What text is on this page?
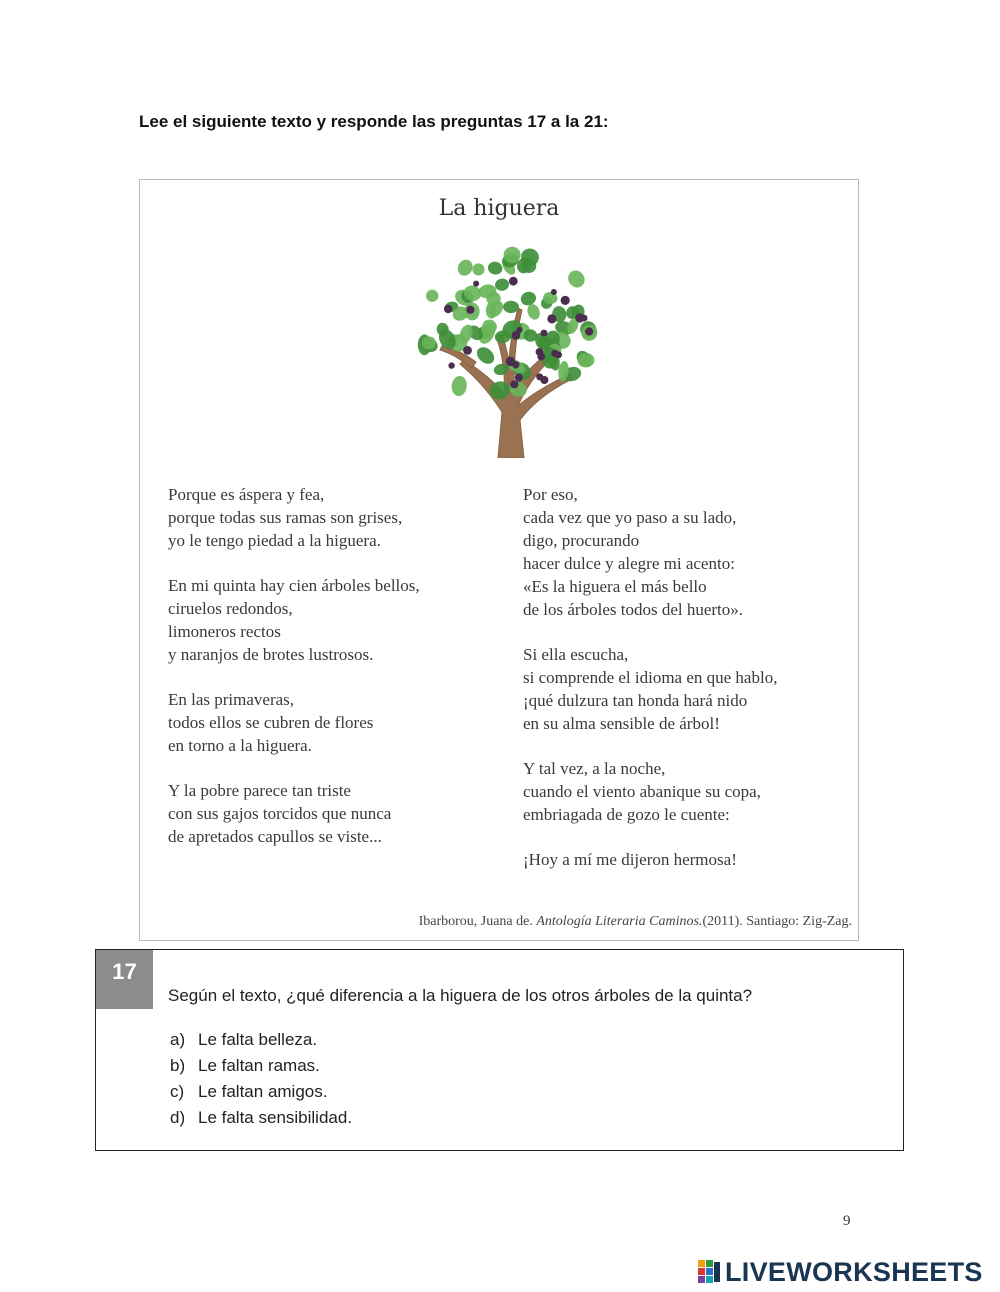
Lee el siguiente texto y responde las preguntas 17 a la 21:
La higuera
Porque es áspera y fea,
porque todas sus ramas son grises,
yo le tengo piedad a la higuera.
En mi quinta hay cien árboles bellos,
ciruelos redondos,
limoneros rectos
y naranjos de brotes lustrosos.
En las primaveras,
todos ellos se cubren de flores
en torno a la higuera.
Y la pobre parece tan triste
con sus gajos torcidos que nunca
de apretados capullos se viste...
Por eso,
cada vez que yo paso a su lado,
digo, procurando
hacer dulce y alegre mi acento:
«Es la higuera el más bello
de los árboles todos del huerto».
Si ella escucha,
si comprende el idioma en que hablo,
¡qué dulzura tan honda hará nido
en su alma sensible de árbol!
Y tal vez, a la noche,
cuando el viento abanique su copa,
embriagada de gozo le cuente:
¡Hoy a mí me dijeron hermosa!
Ibarborou, Juana de. Antología Literaria Caminos.(2011). Santiago: Zig-Zag.
17
Según el texto, ¿qué diferencia a la higuera de los otros árboles de la quinta?
a) Le falta belleza.
b) Le faltan ramas.
c) Le faltan amigos.
d) Le falta sensibilidad.
9
LIVEWORKSHEETS
